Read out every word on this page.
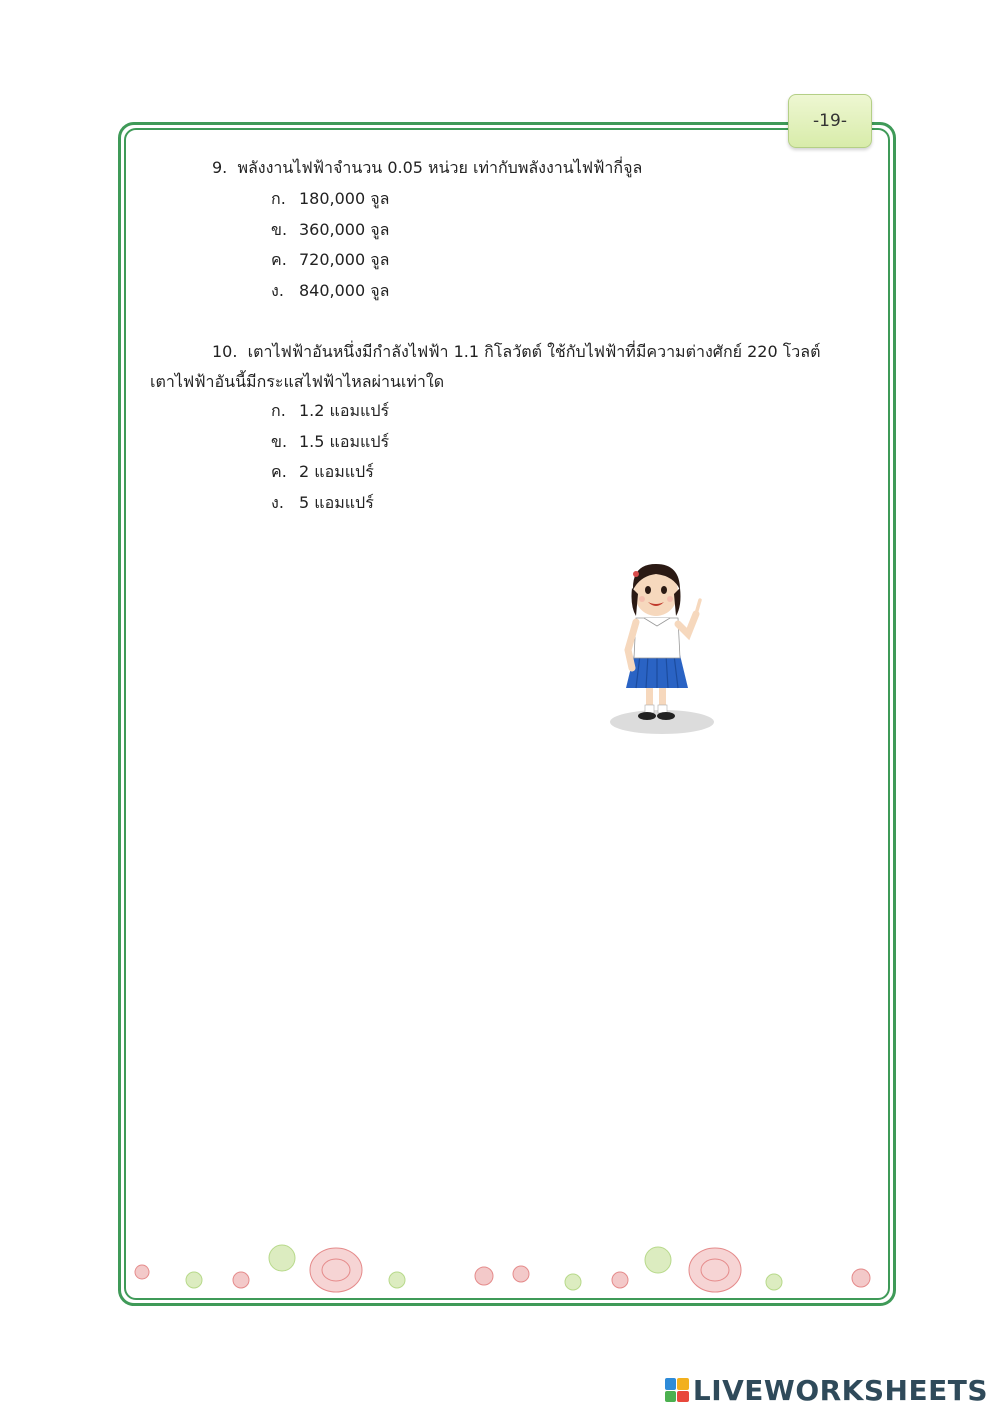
-19-
9. พลังงานไฟฟ้าจำนวน 0.05 หน่วย เท่ากับพลังงานไฟฟ้ากี่จูล
ก. 180,000 จูล
ข. 360,000 จูล
ค. 720,000 จูล
ง. 840,000 จูล
10. เตาไฟฟ้าอันหนึ่งมีกำลังไฟฟ้า 1.1 กิโลวัตต์ ใช้กับไฟฟ้าที่มีความต่างศักย์ 220 โวลต์
เตาไฟฟ้าอันนี้มีกระแสไฟฟ้าไหลผ่านเท่าใด
ก. 1.2 แอมแปร์
ข. 1.5 แอมแปร์
ค. 2 แอมแปร์
ง. 5 แอมแปร์
LIVEWORKSHEETS
